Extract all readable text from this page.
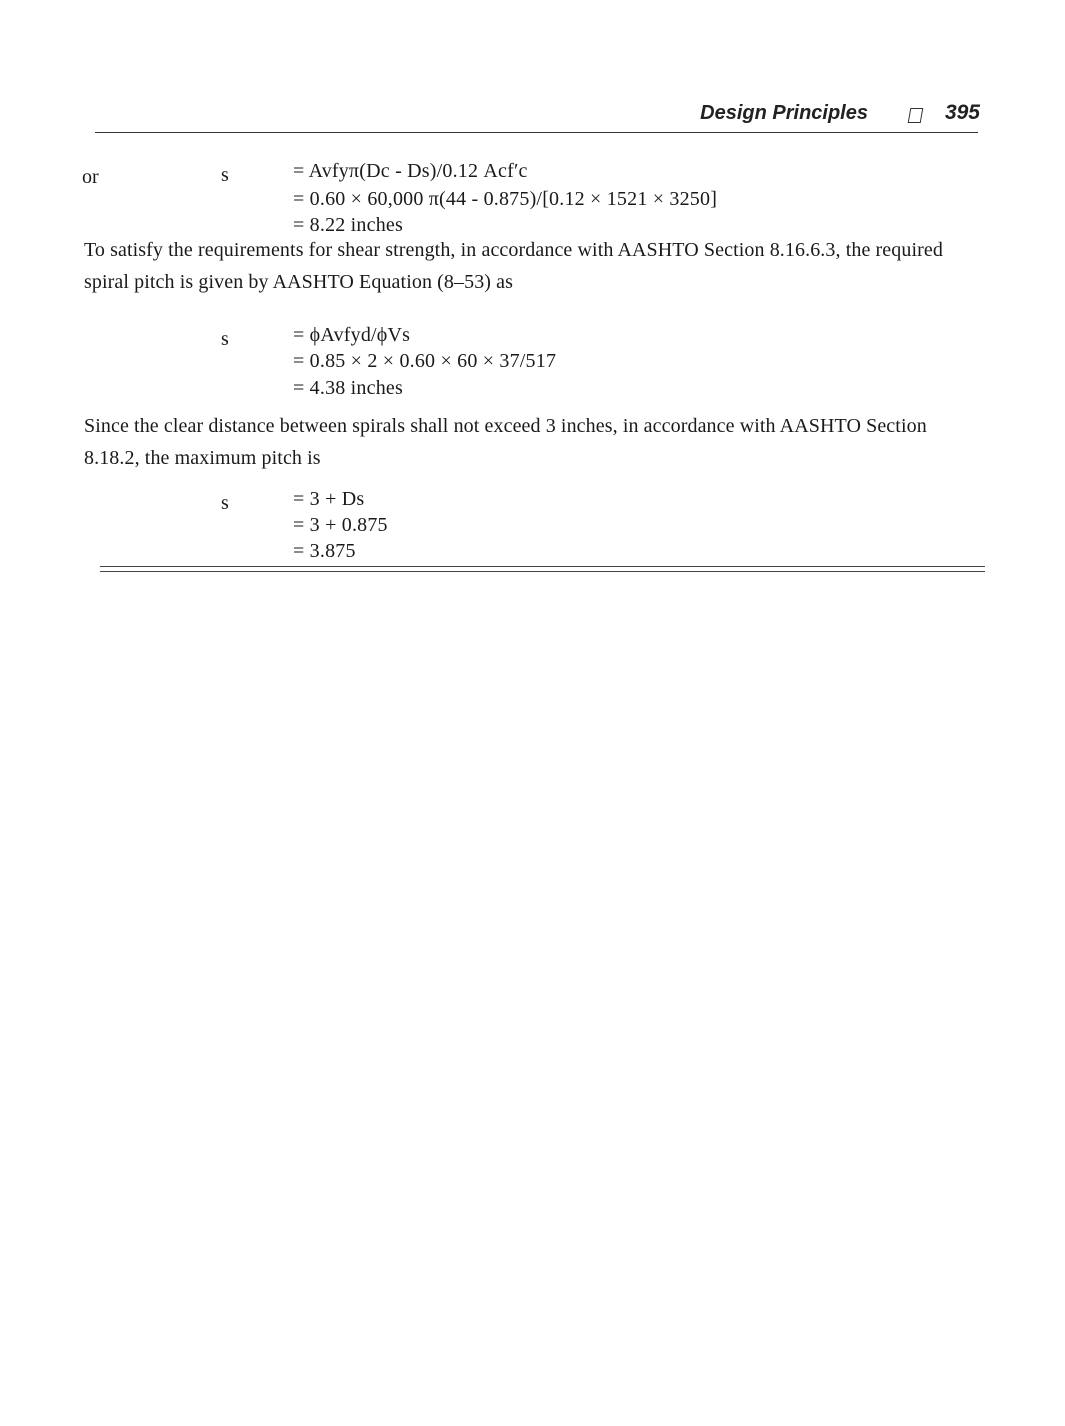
Design Principles	395
or	s	= Avfyπ(Dc - Ds)/0.12 Acf′c
= 0.60 × 60,000 π(44 - 0.875)/[0.12 × 1521 × 3250]
= 8.22 inches

To satisfy the requirements for shear strength, in accordance with AASHTO Section 8.16.6.3, the required spiral pitch is given by AASHTO Equation (8–53) as

s	= ϕAvfyd/ϕVs
= 0.85 × 2 × 0.60 × 60 × 37/517
= 4.38 inches

Since the clear distance between spirals shall not exceed 3 inches, in accordance with AASHTO Section 8.18.2, the maximum pitch is

s	= 3 + Ds
= 3 + 0.875
= 3.875
